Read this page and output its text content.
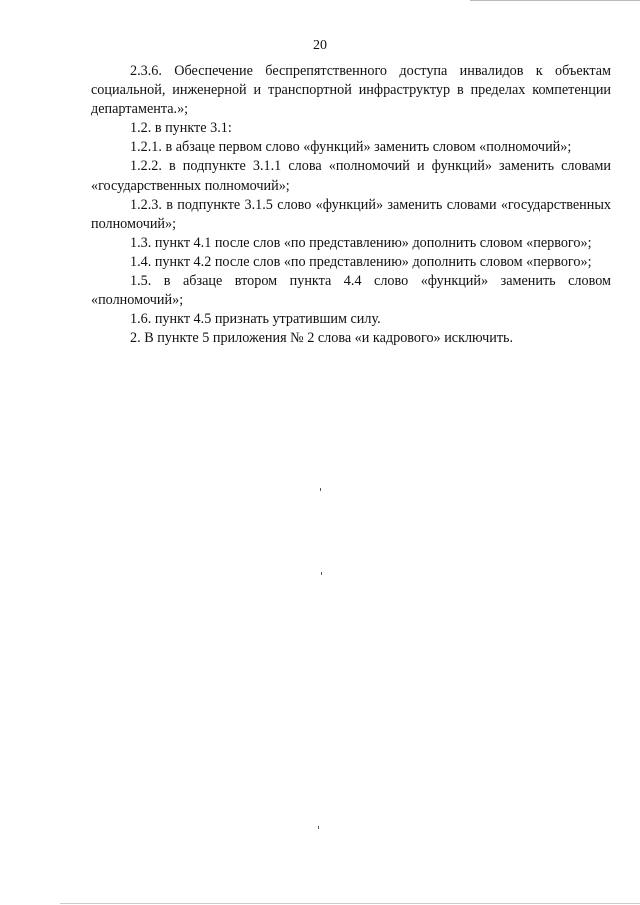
20

2.3.6. Обеспечение беспрепятственного доступа инвалидов к объектам социальной, инженерной и транспортной инфраструктур в пределах компетенции департамента.»;

1.2. в пункте 3.1:

1.2.1. в абзаце первом слово «функций» заменить словом «полномочий»;

1.2.2. в подпункте 3.1.1 слова «полномочий и функций» заменить словами «государственных полномочий»;

1.2.3. в подпункте 3.1.5 слово «функций» заменить словами «государственных полномочий»;

1.3. пункт 4.1 после слов «по представлению» дополнить словом «первого»;

1.4. пункт 4.2 после слов «по представлению» дополнить словом «первого»;

1.5. в абзаце втором пункта 4.4 слово «функций» заменить словом «полномочий»;

1.6. пункт 4.5 признать утратившим силу.

2. В пункте 5 приложения № 2 слова «и кадрового» исключить.
